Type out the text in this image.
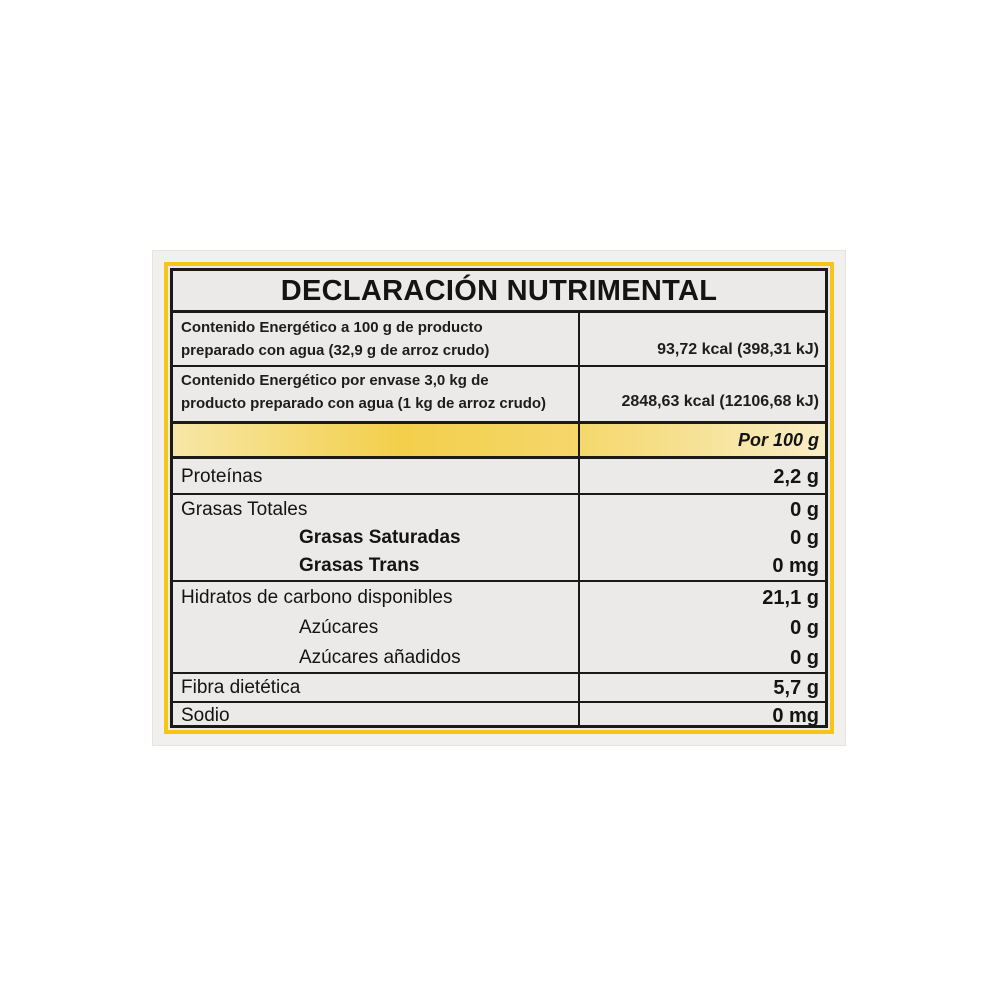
DECLARACIÓN NUTRIMENTAL
Contenido Energético a 100 g de producto
preparado con agua (32,9 g de arroz crudo)	93,72 kcal (398,31 kJ)
Contenido Energético por envase 3,0 kg de
producto preparado con agua (1 kg de arroz crudo)	2848,63 kcal (12106,68 kJ)
Por 100 g
Proteínas	2,2 g
Grasas Totales	0 g
Grasas Saturadas	0 g
Grasas Trans	0 mg
Hidratos de carbono disponibles	21,1 g
Azúcares	0 g
Azúcares añadidos	0 g
Fibra dietética	5,7 g
Sodio	0 mg
